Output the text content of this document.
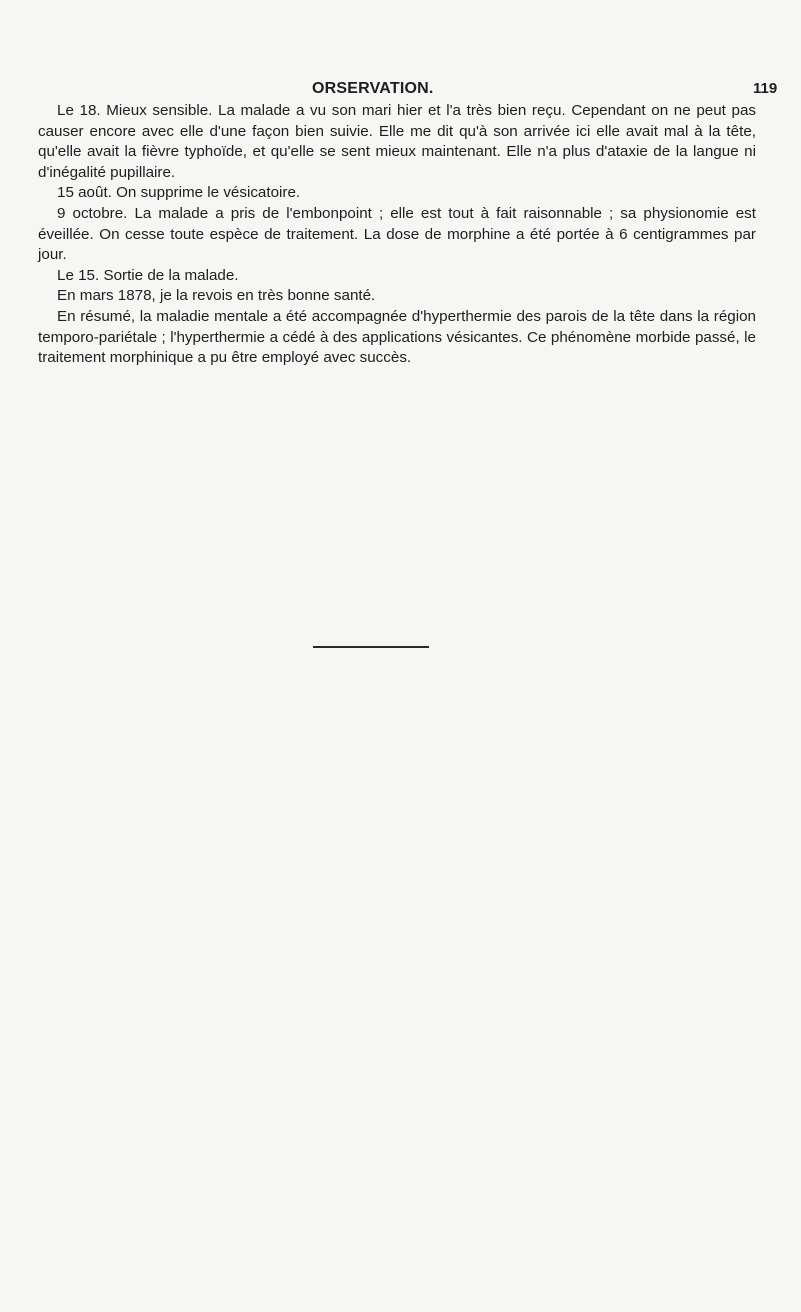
ORSERVATION.	119

Le 18. Mieux sensible. La malade a vu son mari hier et l'a très bien reçu. Cependant on ne peut pas causer encore avec elle d'une façon bien suivie. Elle me dit qu'à son arrivée ici elle avait mal à la tête, qu'elle avait la fièvre typhoïde, et qu'elle se sent mieux maintenant. Elle n'a plus d'ataxie de la langue ni d'inégalité pupillaire.

15 août. On supprime le vésicatoire.

9 octobre. La malade a pris de l'embonpoint ; elle est tout à fait raisonnable ; sa physionomie est éveillée. On cesse toute espèce de traitement. La dose de morphine a été portée à 6 centigrammes par jour.

Le 15. Sortie de la malade.

En mars 1878, je la revois en très bonne santé.

En résumé, la maladie mentale a été accompagnée d'hyperthermie des parois de la tête dans la région temporo-pariétale ; l'hyperthermie a cédé à des applications vésicantes. Ce phénomène morbide passé, le traitement morphinique a pu être employé avec succès.
